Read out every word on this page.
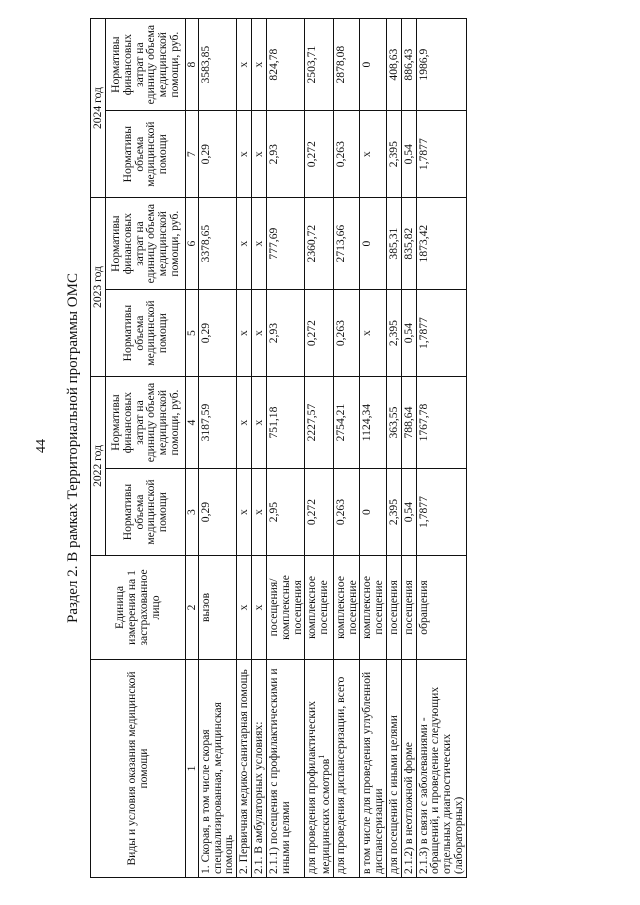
44 Раздел 2. В рамках Территориальной программы ОМС
Виды и условия оказания медицинской помощи	Единица измерения на 1 застрахованное лицо	2022 год		2023 год		2024 год	
		Нормативы объема медицинской помощи	Нормативы финансовых затрат на единицу объема медицинской помощи, руб.	Нормативы объема медицинской помощи	Нормативы финансовых затрат на единицу объема медицинской помощи, руб.	Нормативы объема медицинской помощи	Нормативы финансовых затрат на единицу объема медицинской помощи, руб.
1	2	3	4	5	6	7	8
1. Скорая, в том числе скорая специализированная, медицинская помощь	вызов	0,29	3187,59	0,29	3378,65	0,29	3583,85
2. Первичная медико-санитарная помощь	x	x	x	x	x	x	x
2.1. В амбулаторных условиях:	x	x	x	x	x	x	x
2.1.1) посещения с профилактическими и иными целями	посещения/ комплексные посещения	2,95	751,18	2,93	777,69	2,93	824,78
для проведения профилактических медицинских осмотров$^1$	комплексное посещение	0,272	2227,57	0,272	2360,72	0,272	2503,71
для проведения диспансеризации, всего	комплексное посещение	0,263	2754,21	0,263	2713,66	0,263	2878,08
в том числе для проведения углубленной диспансеризации	комплексное посещение	0	1124,34	x	0	x	0
для посещений с иными целями	посещения	2,395	363,55	2,395	385,31	2,395	408,63
2.1.2) в неотложной форме	посещения	0,54	788,64	0,54	835,82	0,54	886,43
2.1.3) в связи с заболеваниями - обращений, и проведение следующих отдельных диагностических (лабораторных)	обращения	1,7877	1767,78	1,7877	1873,42	1,7877	1986,9
